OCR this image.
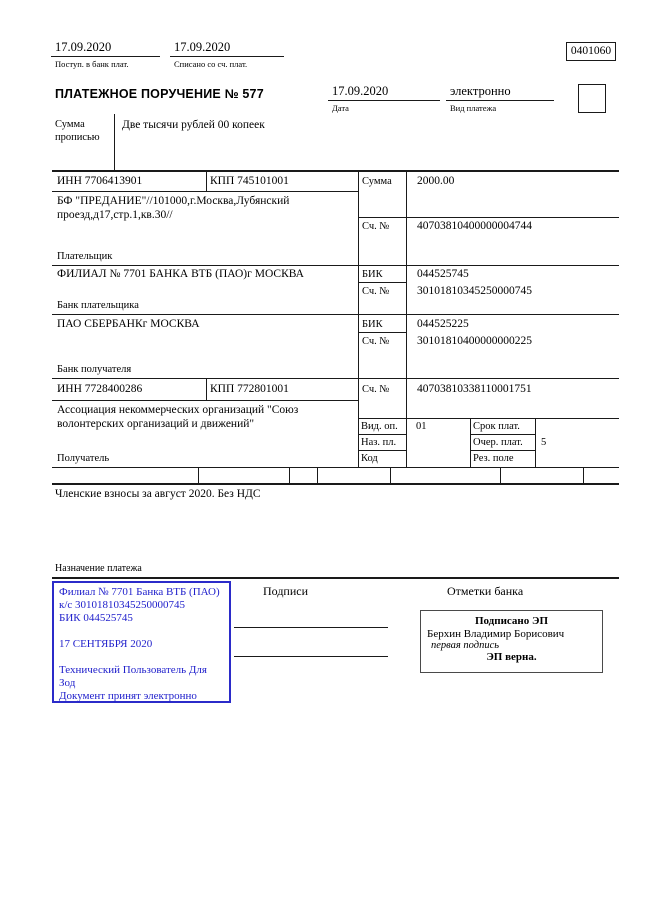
17.09.2020
Поступ. в банк плат.
17.09.2020
Списано со сч. плат.
0401060
ПЛАТЕЖНОЕ ПОРУЧЕНИЕ № 577	17.09.2020
Дата
электронно
Вид платежа
Сумма прописью
Две тысячи рублей 00 копеек
ИНН 7706413901	КПП 745101001
БФ "ПРЕДАНИЕ"//101000,г.Москва,Лубянский проезд,д17,стр.1,кв.30//
Плательщик
ФИЛИАЛ № 7701 БАНКА ВТБ (ПАО)г МОСКВА
Банк плательщика
ПАО СБЕРБАНКг МОСКВА
Банк получателя
ИНН 7728400286	КПП 772801001
Ассоциация некоммерческих организаций "Союз волонтерских организаций и движений"
Получатель
Сумма 2000.00
Сч. № 40703810400000004744
БИК	044525745
Сч. № 30101810345250000745
БИК	044525225
Сч. № 30101810400000000225
Сч. № 40703810338110001751
Вид. оп. 01	Срок плат.
Наз. пл.	Очер. плат. 5
Код	Рез. поле
Членские взносы за август 2020. Без НДС
Назначение платежа
Филиал № 7701 Банка ВТБ (ПАО)
к/с 30101810345250000745
БИК 044525745
17 СЕНТЯБРЯ 2020
Технический Пользователь Для Зод
Документ принят электронно
Подписи	Отметки банка
Подписано ЭП
Берхин Владимир Борисович
первая подпись
ЭП верна.
